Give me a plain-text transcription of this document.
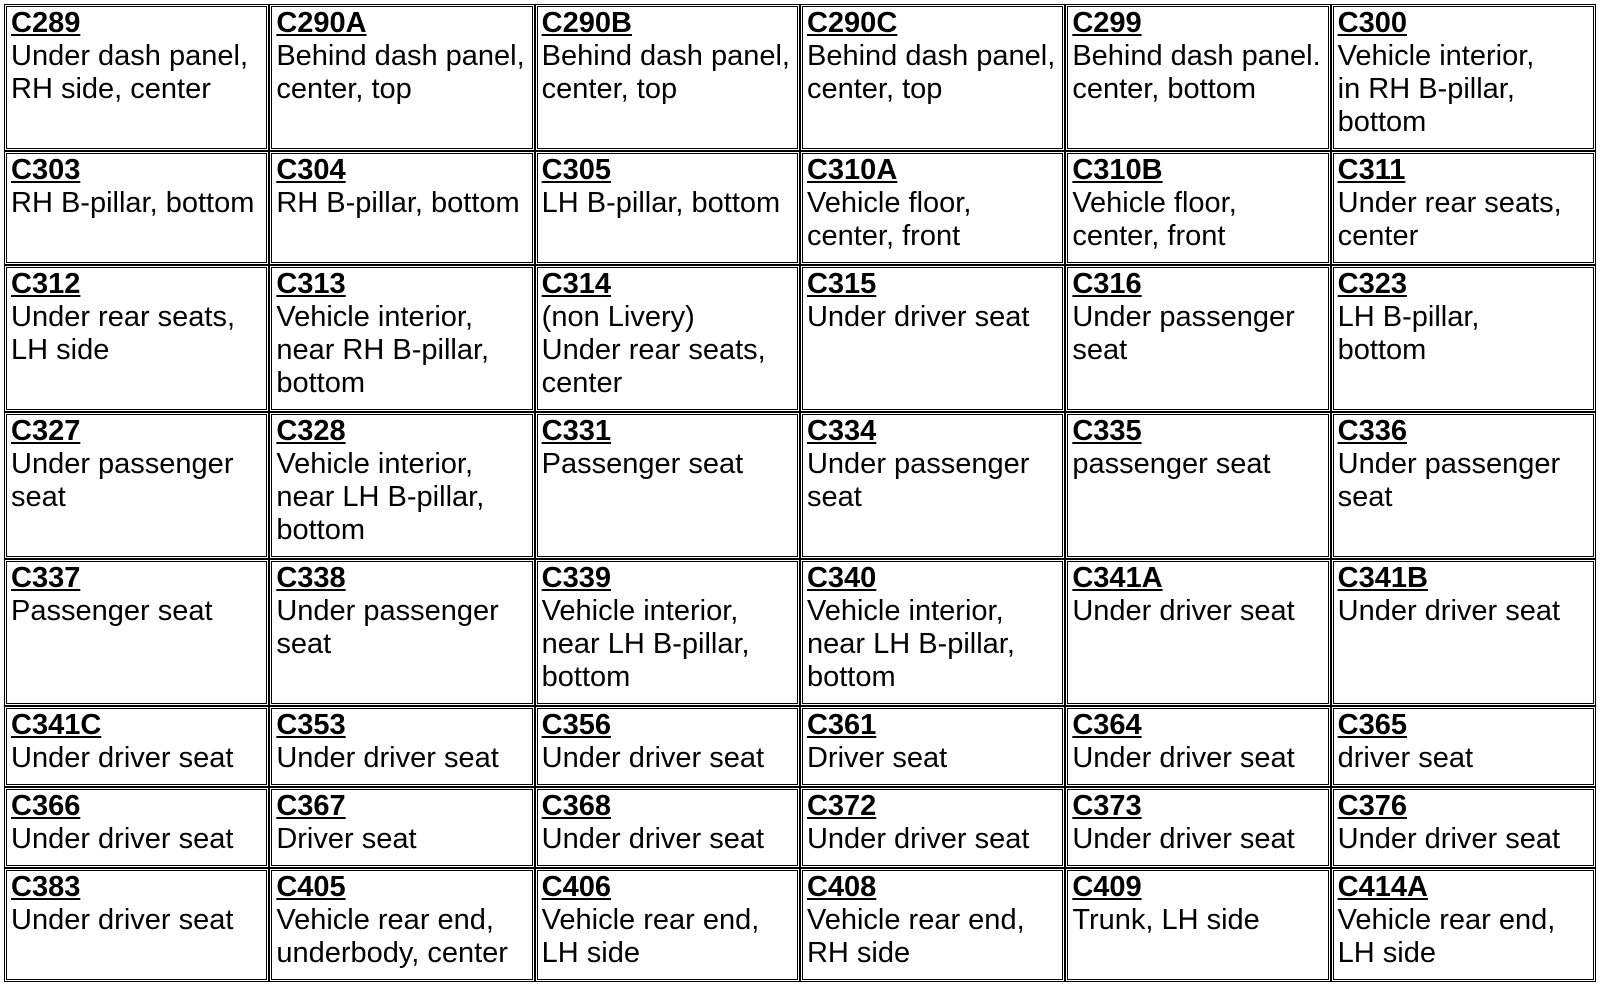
C289
Under dash panel,
RH side, center	C290A
Behind dash panel,
center, top	C290B
Behind dash panel,
center, top	C290C
Behind dash panel,
center, top	C299
Behind dash panel.
center, bottom	C300
Vehicle interior,
in RH B-pillar,
bottom

C303
RH B-pillar, bottom	C304
RH B-pillar, bottom	C305
LH B-pillar, bottom	C310A
Vehicle floor,
center, front	C310B
Vehicle floor,
center, front	C311
Under rear seats,
center

C312
Under rear seats,
LH side	C313
Vehicle interior,
near RH B-pillar,
bottom	C314
(non Livery)
Under rear seats,
center	C315
Under driver seat	C316
Under passenger
seat	C323
LH B-pillar,
bottom

C327
Under passenger
seat	C328
Vehicle interior,
near LH B-pillar,
bottom	C331
Passenger seat	C334
Under passenger
seat	C335
passenger seat	C336
Under passenger
seat

C337
Passenger seat	C338
Under passenger
seat	C339
Vehicle interior,
near LH B-pillar,
bottom	C340
Vehicle interior,
near LH B-pillar,
bottom	C341A
Under driver seat	C341B
Under driver seat

C341C
Under driver seat	C353
Under driver seat	C356
Under driver seat	C361
Driver seat	C364
Under driver seat	C365
driver seat

C366
Under driver seat	C367
Driver seat	C368
Under driver seat	C372
Under driver seat	C373
Under driver seat	C376
Under driver seat

C383
Under driver seat	C405
Vehicle rear end,
underbody, center	C406
Vehicle rear end,
LH side	C408
Vehicle rear end,
RH side	C409
Trunk, LH side	C414A
Vehicle rear end,
LH side
